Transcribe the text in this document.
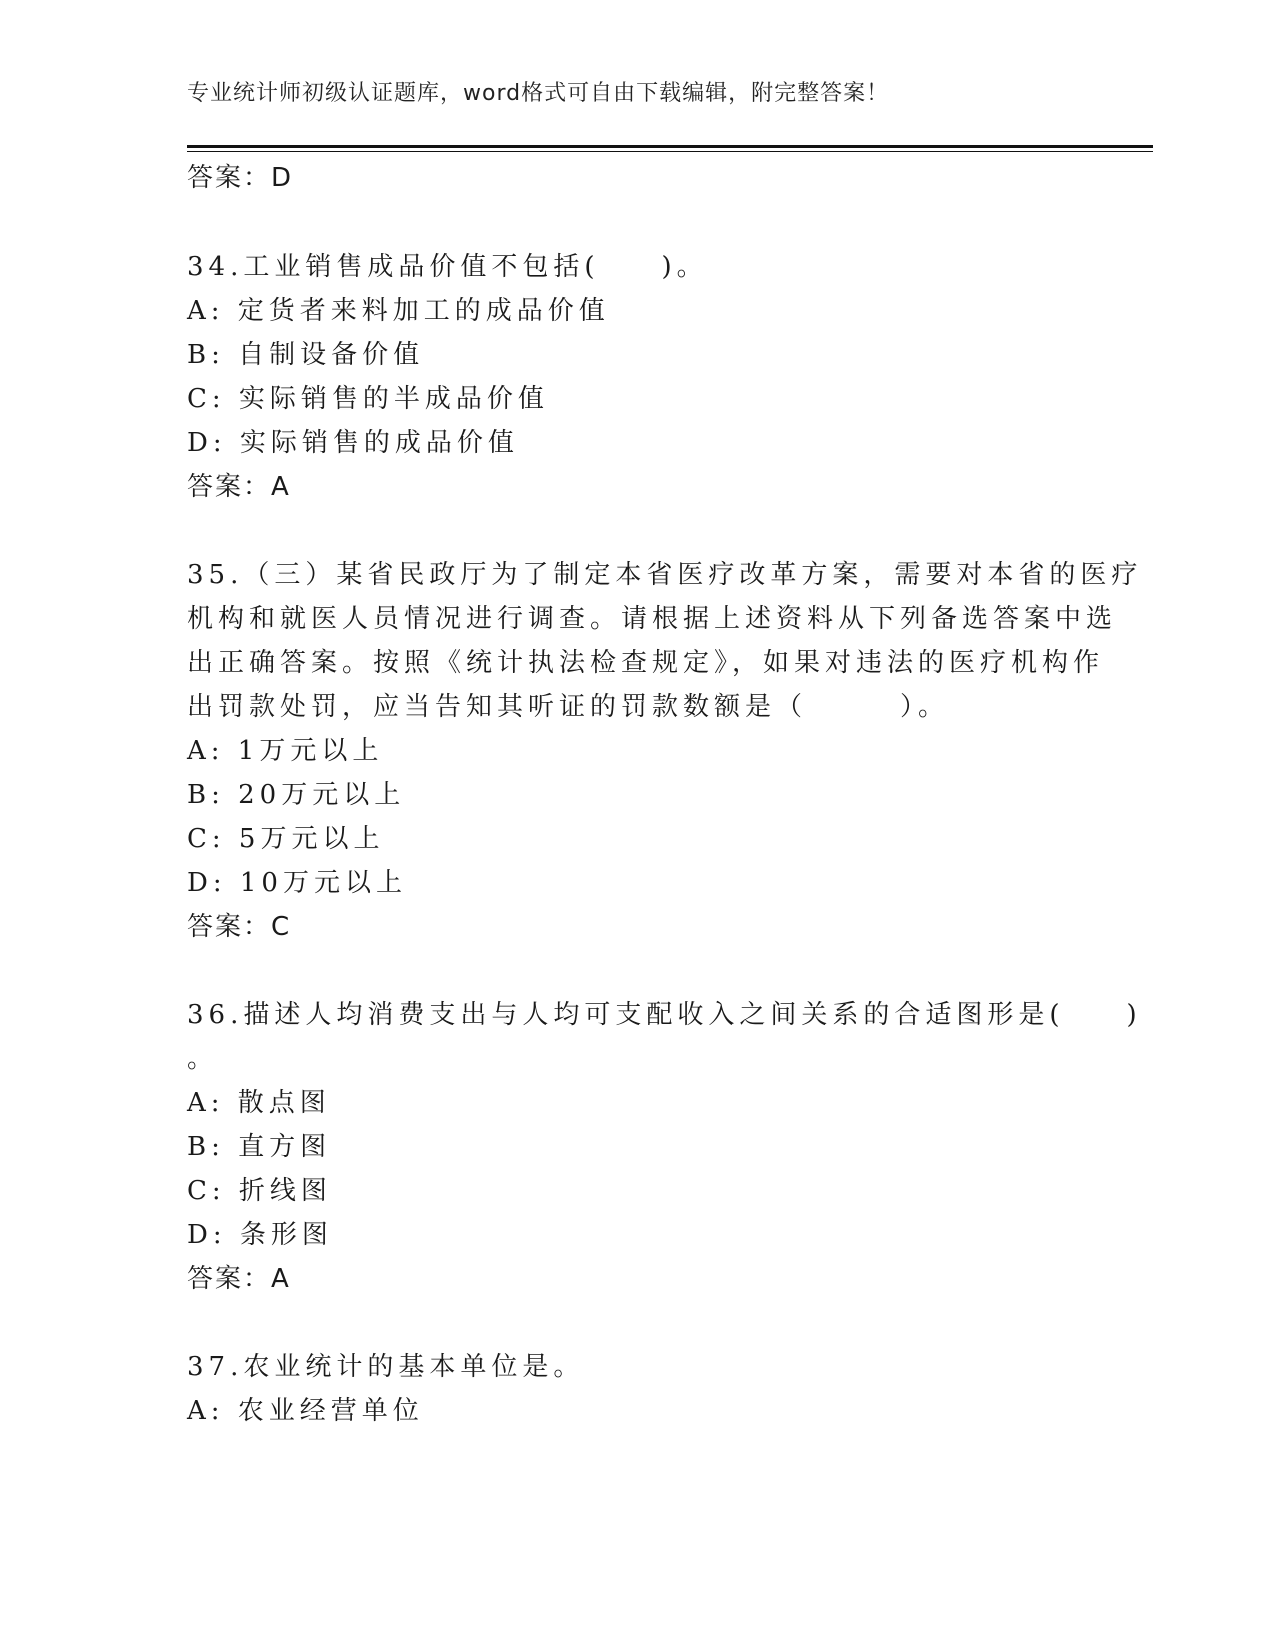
专业统计师初级认证题库，word格式可自由下载编辑，附完整答案！
答案：D
34.工业销售成品价值不包括(　　)。
A: 定货者来料加工的成品价值
B: 自制设备价值
C: 实际销售的半成品价值
D: 实际销售的成品价值
答案：A
35.（三）某省民政厅为了制定本省医疗改革方案，需要对本省的医疗
机构和就医人员情况进行调查。请根据上述资料从下列备选答案中选
出正确答案。按照《统计执法检查规定》，如果对违法的医疗机构作
出罚款处罚，应当告知其听证的罚款数额是（　　　）。
A: 1万元以上
B: 20万元以上
C: 5万元以上
D: 10万元以上
答案：C
36.描述人均消费支出与人均可支配收入之间关系的合适图形是(　　)
。
A: 散点图
B: 直方图
C: 折线图
D: 条形图
答案：A
37.农业统计的基本单位是。
A: 农业经营单位
